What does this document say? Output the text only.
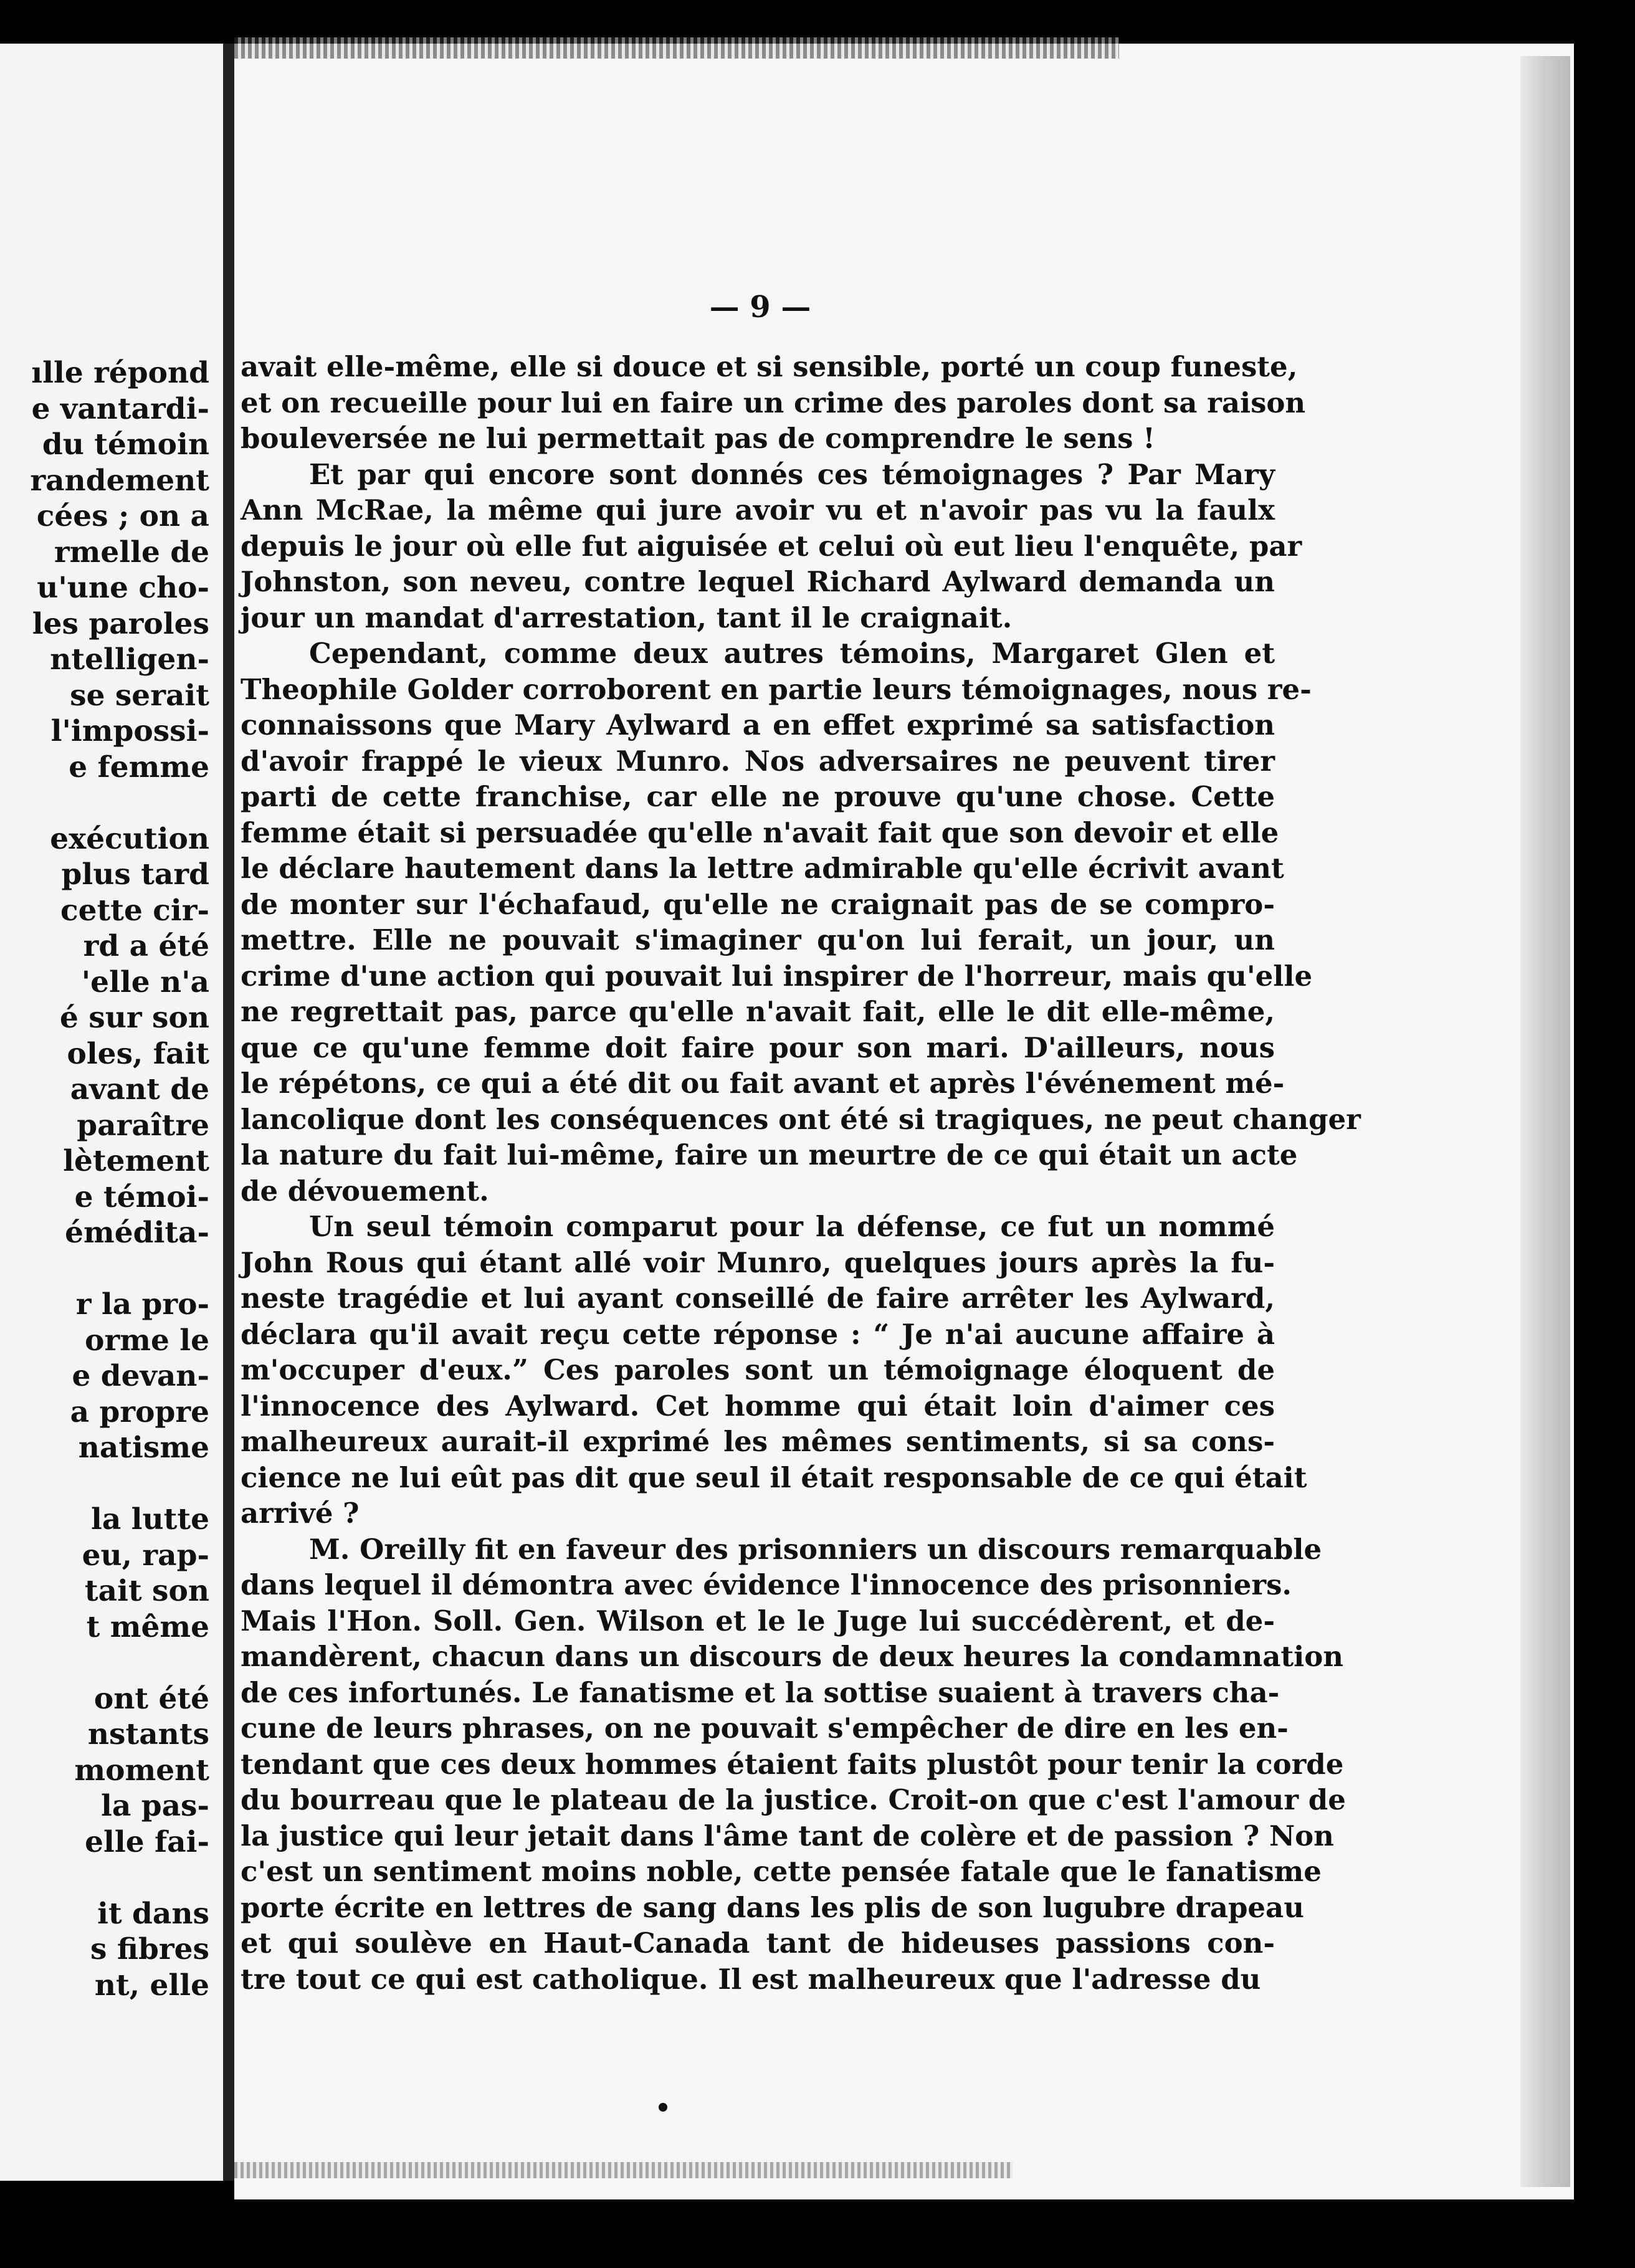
ılle répond
e vantardi-
du témoin
randement
cées ; on a
rmelle de
u'une cho-
les paroles
ntelligen-
se serait
l'impossi-
e femme
exécution
plus tard
cette cir-
rd a été
'elle n'a
é sur son
oles, fait
avant de
paraître
lètement
e témoi-
éméditа-
r la pro-
orme le
e devan-
a propre
natisme
la lutte
eu, rap-
tait son
t même
ont été
nstants
moment
la pas-
elle fai-
it dans
s fibres
nt, elle
— 9 —
avait elle-même, elle si douce et si sensible, porté un coup funeste,
et on recueille pour lui en faire un crime des paroles dont sa raison
bouleversée ne lui permettait pas de comprendre le sens !
Et par qui encore sont donnés ces témoignages ? Par Mary
Ann McRae, la même qui jure avoir vu et n'avoir pas vu la faulx
depuis le jour où elle fut aiguisée et celui où eut lieu l'enquête, par
Johnston, son neveu, contre lequel Richard Aylward demanda un
jour un mandat d'arrestation, tant il le craignait.
Cependant, comme deux autres témoins, Margaret Glen et
Theophile Golder corroborent en partie leurs témoignages, nous re-
connaissons que Mary Aylward a en effet exprimé sa satisfaction
d'avoir frappé le vieux Munro. Nos adversaires ne peuvent tirer
parti de cette franchise, car elle ne prouve qu'une chose. Cette
femme était si persuadée qu'elle n'avait fait que son devoir et elle
le déclare hautement dans la lettre admirable qu'elle écrivit avant
de monter sur l'échafaud, qu'elle ne craignait pas de se compro-
mettre. Elle ne pouvait s'imaginer qu'on lui ferait, un jour, un
crime d'une action qui pouvait lui inspirer de l'horreur, mais qu'elle
ne regrettait pas, parce qu'elle n'avait fait, elle le dit elle-même,
que ce qu'une femme doit faire pour son mari. D'ailleurs, nous
le répétons, ce qui a été dit ou fait avant et après l'événement mé-
lancolique dont les conséquences ont été si tragiques, ne peut changer
la nature du fait lui-même, faire un meurtre de ce qui était un acte
de dévouement.
Un seul témoin comparut pour la défense, ce fut un nommé
John Rous qui étant allé voir Munro, quelques jours après la fu-
neste tragédie et lui ayant conseillé de faire arrêter les Aylward,
déclara qu'il avait reçu cette réponse : “ Je n'ai aucune affaire à
m'occuper d'eux.” Ces paroles sont un témoignage éloquent de
l'innocence des Aylward. Cet homme qui était loin d'aimer ces
malheureux aurait-il exprimé les mêmes sentiments, si sa cons-
cience ne lui eût pas dit que seul il était responsable de ce qui était
arrivé ?
M. Oreilly fit en faveur des prisonniers un discours remarquable
dans lequel il démontra avec évidence l'innocence des prisonniers.
Mais l'Hon. Soll. Gen. Wilson et le le Juge lui succédèrent, et de-
mandèrent, chacun dans un discours de deux heures la condamnation
de ces infortunés. Le fanatisme et la sottise suaient à travers cha-
cune de leurs phrases, on ne pouvait s'empêcher de dire en les en-
tendant que ces deux hommes étaient faits plustôt pour tenir la corde
du bourreau que le plateau de la justice. Croit-on que c'est l'amour de
la justice qui leur jetait dans l'âme tant de colère et de passion ? Non
c'est un sentiment moins noble, cette pensée fatale que le fanatisme
porte écrite en lettres de sang dans les plis de son lugubre drapeau
et qui soulève en Haut-Canada tant de hideuses passions con-
tre tout ce qui est catholique. Il est malheureux que l'adresse du
